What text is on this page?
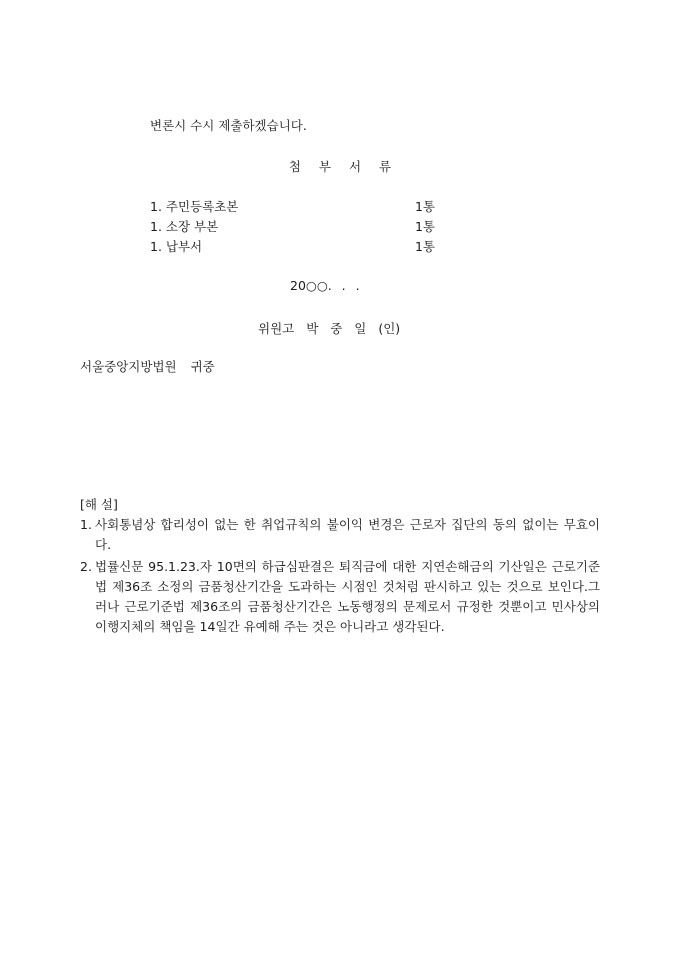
변론시 수시 제출하겠습니다.
첨 부 서 류
1. 주민등록초본	1통
1. 소장 부본	1통
1. 납부서	1통
20○○. . .
위원고 박 중 일 (인)
서울중앙지방법원 귀중
[해 설]
1. 사회통념상 합리성이 없는 한 취업규칙의 불이익 변경은 근로자 집단의 동의 없이는 무효이다.
2. 법률신문 95.1.23.자 10면의 하급심판결은 퇴직금에 대한 지연손해금의 기산일은 근로기준법 제36조 소정의 금품청산기간을 도과하는 시점인 것처럼 판시하고 있는 것으로 보인다.그러나 근로기준법 제36조의 금품청산기간은 노동행정의 문제로서 규정한 것뿐이고 민사상의 이행지체의 책임을 14일간 유예해 주는 것은 아니라고 생각된다.
